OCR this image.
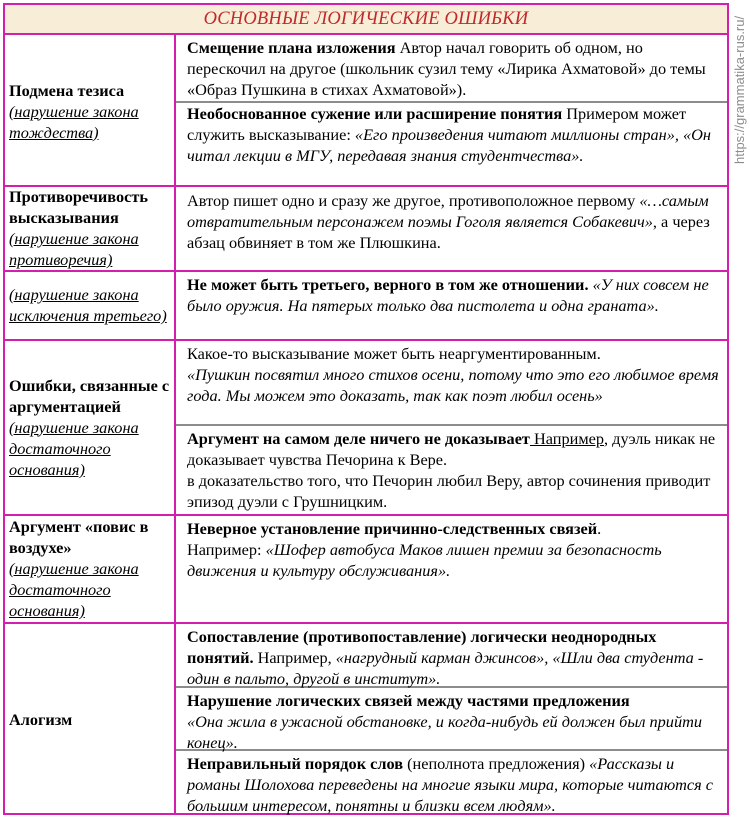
ОСНОВНЫЕ ЛОГИЧЕСКИЕ ОШИБКИ
Подмена тезиса
(нарушение закона тождества)
Смещение плана изложения Автор начал говорить об одном, но перескочил на другое (школьник сузил тему «Лирика Ахматовой» до темы «Образ Пушкина в стихах Ахматовой»).
Необоснованное сужение или расширение понятия Примером может служить высказывание: «Его произведения читают миллионы стран», «Он читал лекции в МГУ, передавая знания студентчества».
Противоречивость высказывания
(нарушение закона противоречия)
Автор пишет одно и сразу же другое, противоположное первому «…самым отвратительным персонажем поэмы Гоголя является Собакевич», а через абзац обвиняет в том же Плюшкина.
(нарушение закона исключения третьего)
Не может быть третьего, верного в том же отношении. «У них совсем не было оружия. На пятерых только два пистолета и одна граната».
Ошибки, связанные с аргументацией
(нарушение закона достаточного основания)
Какое-то высказывание может быть неаргументированным.
«Пушкин посвятил много стихов осени, потому что это его любимое время года. Мы можем это доказать, так как поэт любил осень»
Аргумент на самом деле ничего не доказывает Например, дуэль никак не доказывает чувства Печорина к Вере.
в доказательство того, что Печорин любил Веру, автор сочинения приводит эпизод дуэли с Грушницким.
Аргумент «повис в воздухе»
(нарушение закона достаточного основания)
Неверное установление причинно-следственных связей.
Например: «Шофер автобуса Маков лишен премии за безопасность движения и культуру обслуживания».
Алогизм
Сопоставление (противопоставление) логически неоднородных понятий. Например, «нагрудный карман джинсов», «Шли два студента - один в пальто, другой в институт».
Нарушение логических связей между частями предложения
«Она жила в ужасной обстановке, и когда-нибудь ей должен был прийти конец».
Неправильный порядок слов (неполнота предложения) «Рассказы и романы Шолохова переведены на многие языки мира, которые читаются с большим интересом, понятны и близки всем людям».
https://grammatika-rus.ru/
